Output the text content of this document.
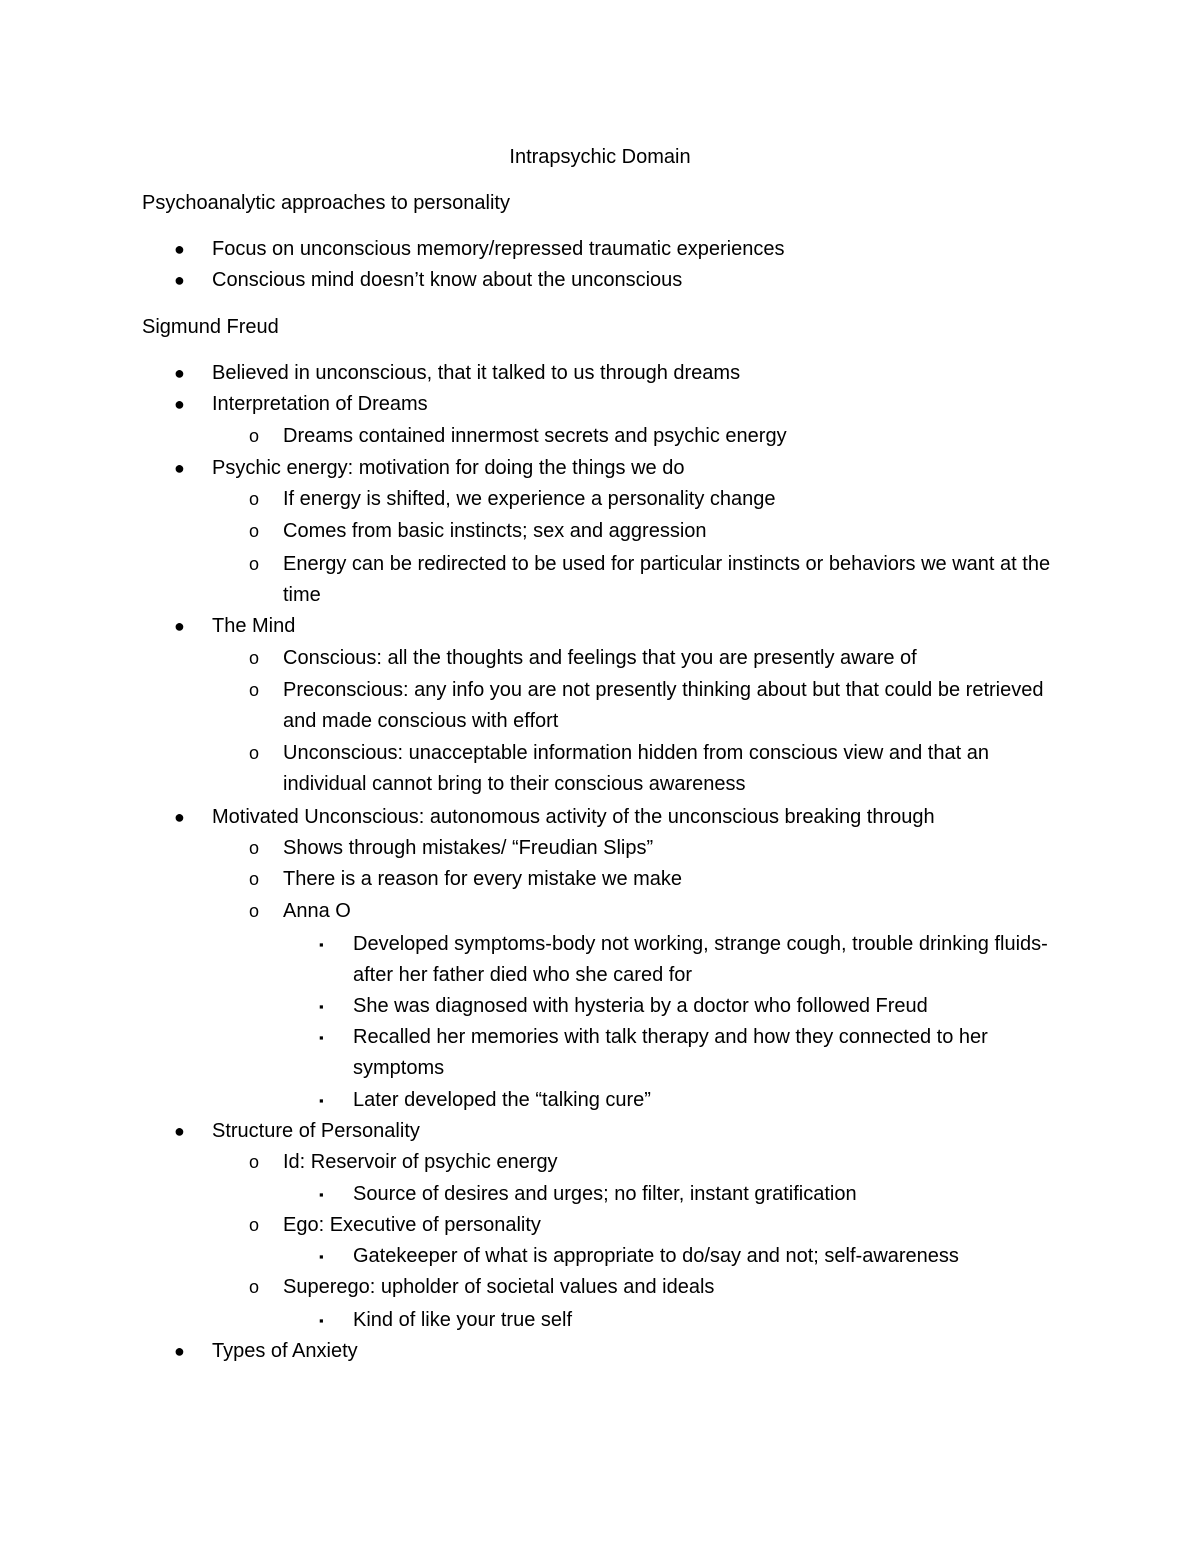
Intrapsychic Domain
Psychoanalytic approaches to personality
● Focus on unconscious memory/repressed traumatic experiences
● Conscious mind doesn’t know about the unconscious
Sigmund Freud
● Believed in unconscious, that it talked to us through dreams
● Interpretation of Dreams
o Dreams contained innermost secrets and psychic energy
● Psychic energy: motivation for doing the things we do
o If energy is shifted, we experience a personality change
o Comes from basic instincts; sex and aggression
o Energy can be redirected to be used for particular instincts or behaviors we want at the time
● The Mind
o Conscious: all the thoughts and feelings that you are presently aware of
o Preconscious: any info you are not presently thinking about but that could be retrieved and made conscious with effort
o Unconscious: unacceptable information hidden from conscious view and that an individual cannot bring to their conscious awareness
● Motivated Unconscious: autonomous activity of the unconscious breaking through
o Shows through mistakes/ “Freudian Slips”
o There is a reason for every mistake we make
o Anna O
▪ Developed symptoms-body not working, strange cough, trouble drinking fluids-after her father died who she cared for
▪ She was diagnosed with hysteria by a doctor who followed Freud
▪ Recalled her memories with talk therapy and how they connected to her symptoms
▪ Later developed the “talking cure”
● Structure of Personality
o Id: Reservoir of psychic energy
▪ Source of desires and urges; no filter, instant gratification
o Ego: Executive of personality
▪ Gatekeeper of what is appropriate to do/say and not; self-awareness
o Superego: upholder of societal values and ideals
▪ Kind of like your true self
● Types of Anxiety
